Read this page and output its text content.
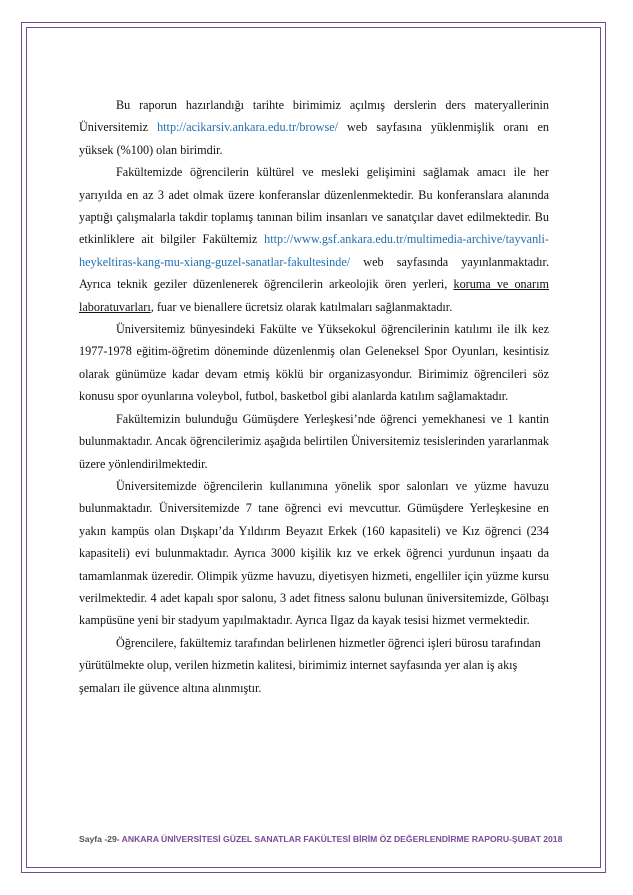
Bu raporun hazırlandığı tarihte birimimiz açılmış derslerin ders materyallerinin Üniversitemiz http://acikarsiv.ankara.edu.tr/browse/ web sayfasına yüklenmişlik oranı en yüksek (%100) olan birimdir.

Fakültemizde öğrencilerin kültürel ve mesleki gelişimini sağlamak amacı ile her yarıyılda en az 3 adet olmak üzere konferanslar düzenlenmektedir. Bu konferanslara alanında yaptığı çalışmalarla takdir toplamış tanınan bilim insanları ve sanatçılar davet edilmektedir. Bu etkinliklere ait bilgiler Fakültemiz http://www.gsf.ankara.edu.tr/multimedia-archive/tayvanli-heykeltiras-kang-mu-xiang-guzel-sanatlar-fakultesinde/ web sayfasında yayınlanmaktadır. Ayrıca teknik geziler düzenlenerek öğrencilerin arkeolojik ören yerleri, koruma ve onarım laboratuvarları, fuar ve bienallere ücretsiz olarak katılmaları sağlanmaktadır.

Üniversitemiz bünyesindeki Fakülte ve Yüksekokul öğrencilerinin katılımı ile ilk kez 1977-1978 eğitim-öğretim döneminde düzenlenmiş olan Geleneksel Spor Oyunları, kesintisiz olarak günümüze kadar devam etmiş köklü bir organizasyondur. Birimimiz öğrencileri söz konusu spor oyunlarına voleybol, futbol, basketbol gibi alanlarda katılım sağlamaktadır.

Fakültemizin bulunduğu Gümüşdere Yerleşkesi’nde öğrenci yemekhanesi ve 1 kantin bulunmaktadır. Ancak öğrencilerimiz aşağıda belirtilen Üniversitemiz tesislerinden yararlanmak üzere yönlendirilmektedir.

Üniversitemizde öğrencilerin kullanımına yönelik spor salonları ve yüzme havuzu bulunmaktadır. Üniversitemizde 7 tane öğrenci evi mevcuttur. Gümüşdere Yerleşkesine en yakın kampüs olan Dışkapı’da Yıldırım Beyazıt Erkek (160 kapasiteli) ve Kız öğrenci (234 kapasiteli) evi bulunmaktadır. Ayrıca 3000 kişilik kız ve erkek öğrenci yurdunun inşaatı da tamamlanmak üzeredir. Olimpik yüzme havuzu, diyetisyen hizmeti, engelliler için yüzme kursu verilmektedir. 4 adet kapalı spor salonu, 3 adet fitness salonu bulunan üniversitemizde, Gölbaşı kampüsüne yeni bir stadyum yapılmaktadır. Ayrıca Ilgaz da kayak tesisi hizmet vermektedir.

Öğrencilere, fakültemiz tarafından belirlenen hizmetler öğrenci işleri bürosu tarafından yürütülmekte olup, verilen hizmetin kalitesi, birimimiz internet sayfasında yer alan iş akış şemaları ile güvence altına alınmıştır.

Sayfa -29- ANKARA ÜNİVERSİTESİ GÜZEL SANATLAR FAKÜLTESİ BİRİM ÖZ DEĞERLENDİRME RAPORU-ŞUBAT 2018
